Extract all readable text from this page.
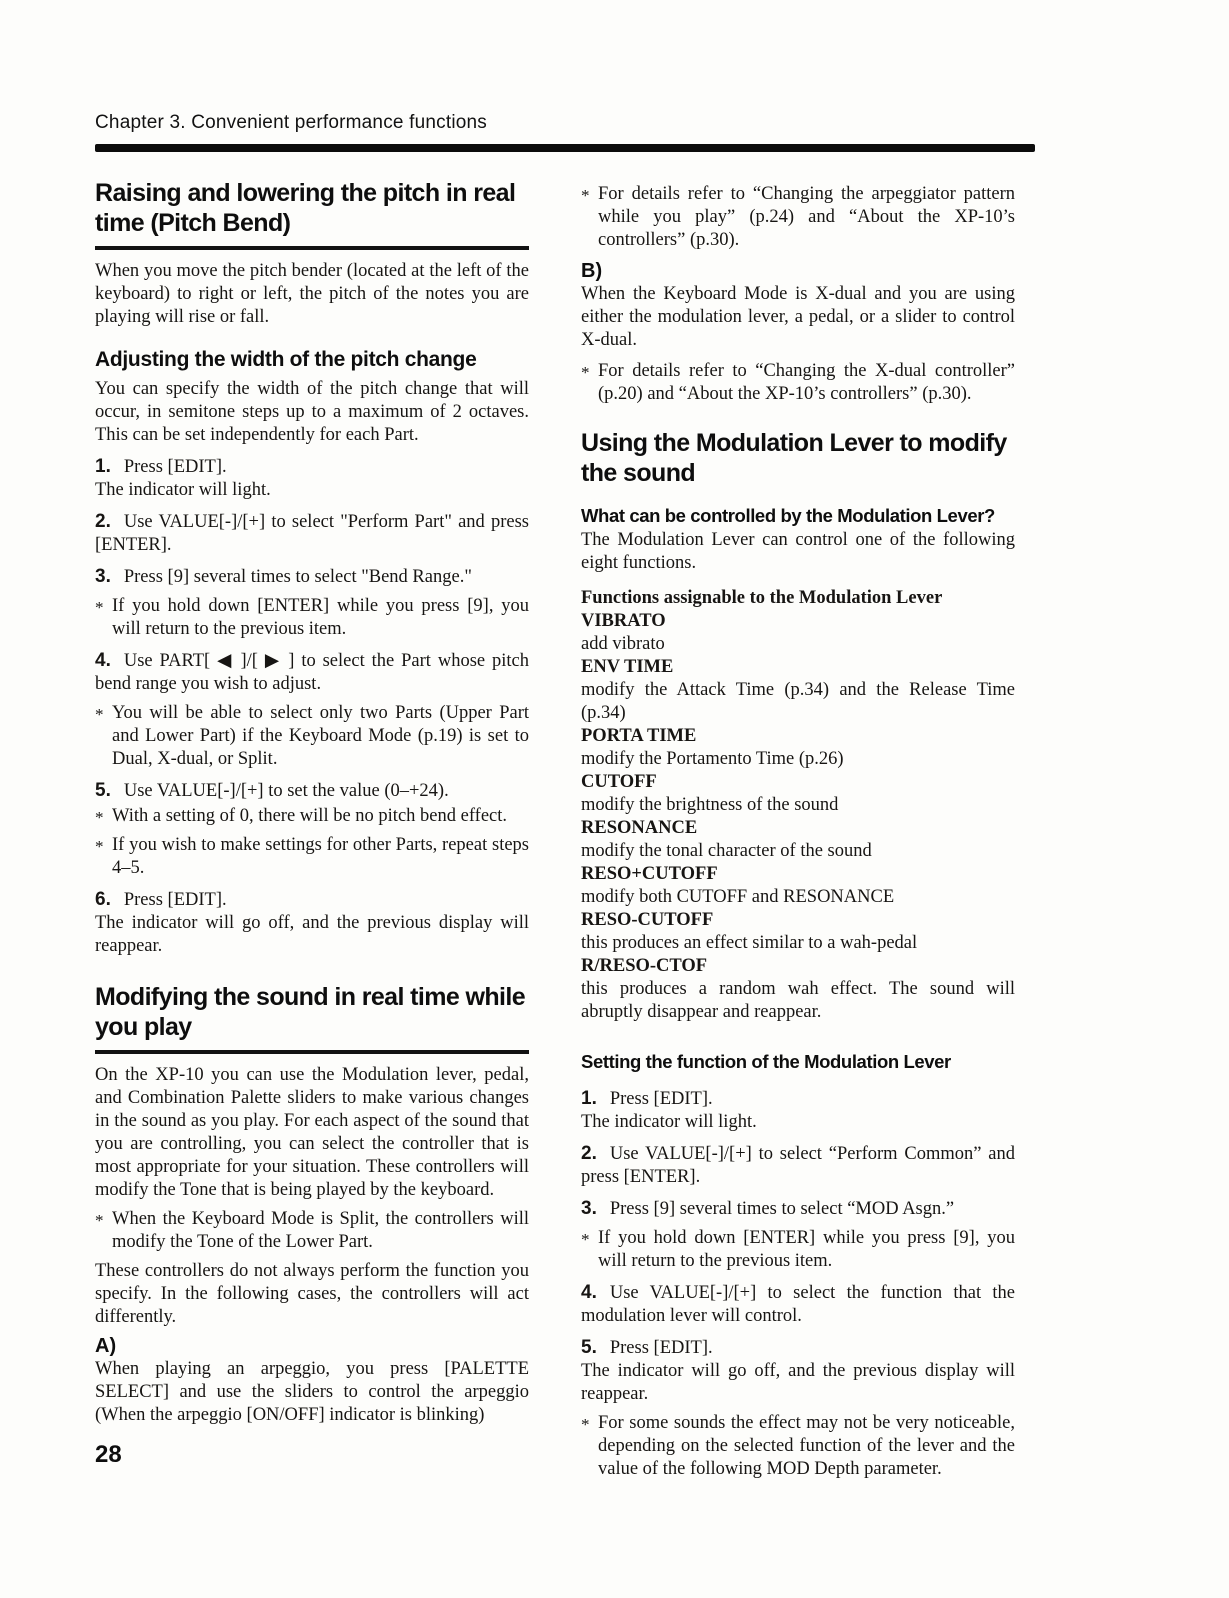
Chapter 3. Convenient performance functions
Raising and lowering the pitch in real time (Pitch Bend)

When you move the pitch bender (located at the left of the keyboard) to right or left, the pitch of the notes you are playing will rise or fall.

Adjusting the width of the pitch change

You can specify the width of the pitch change that will occur, in semitone steps up to a maximum of 2 octaves. This can be set independently for each Part.

1. Press [EDIT].

The indicator will light.

2. Use VALUE[-]/[+] to select "Perform Part" and press [ENTER].

3. Press [9] several times to select "Bend Range."

* If you hold down [ENTER] while you press [9], you will return to the previous item.

4. Use PART[ ◀ ]/[ ▶ ] to select the Part whose pitch bend range you wish to adjust.

* You will be able to select only two Parts (Upper Part and Lower Part) if the Keyboard Mode (p.19) is set to Dual, X-dual, or Split.

5. Use VALUE[-]/[+] to set the value (0–+24).

* With a setting of 0, there will be no pitch bend effect.

* If you wish to make settings for other Parts, repeat steps 4–5.

6. Press [EDIT].

The indicator will go off, and the previous display will reappear.

Modifying the sound in real time while you play

On the XP-10 you can use the Modulation lever, pedal, and Combination Palette sliders to make various changes in the sound as you play. For each aspect of the sound that you are controlling, you can select the controller that is most appropriate for your situation. These controllers will modify the Tone that is being played by the keyboard.

* When the Keyboard Mode is Split, the controllers will modify the Tone of the Lower Part.

These controllers do not always perform the function you specify. In the following cases, the controllers will act differently.

A)

When playing an arpeggio, you press [PALETTE SELECT] and use the sliders to control the arpeggio (When the arpeggio [ON/OFF] indicator is blinking)

28

* For details refer to “Changing the arpeggiator pattern while you play” (p.24) and “About the XP-10’s controllers” (p.30).

B)

When the Keyboard Mode is X-dual and you are using either the modulation lever, a pedal, or a slider to control X-dual.

* For details refer to “Changing the X-dual controller” (p.20) and “About the XP-10’s controllers” (p.30).

Using the Modulation Lever to modify the sound
What can be controlled by the Modulation Lever?

The Modulation Lever can control one of the following eight functions.

Functions assignable to the Modulation Lever

VIBRATO

add vibrato

ENV TIME

modify the Attack Time (p.34) and the Release Time (p.34)

PORTA TIME

modify the Portamento Time (p.26)

CUTOFF

modify the brightness of the sound

RESONANCE

modify the tonal character of the sound

RESO+CUTOFF

modify both CUTOFF and RESONANCE

RESO-CUTOFF

this produces an effect similar to a wah-pedal

R/RESO-CTOF

this produces a random wah effect. The sound will abruptly disappear and reappear.

Setting the function of the Modulation Lever

1. Press [EDIT].

The indicator will light.

2. Use VALUE[-]/[+] to select “Perform Common” and press [ENTER].

3. Press [9] several times to select “MOD Asgn.”

* If you hold down [ENTER] while you press [9], you will return to the previous item.

4. Use VALUE[-]/[+] to select the function that the modulation lever will control.

5. Press [EDIT].

The indicator will go off, and the previous display will reappear.

* For some sounds the effect may not be very noticeable, depending on the selected function of the lever and the value of the following MOD Depth parameter.
